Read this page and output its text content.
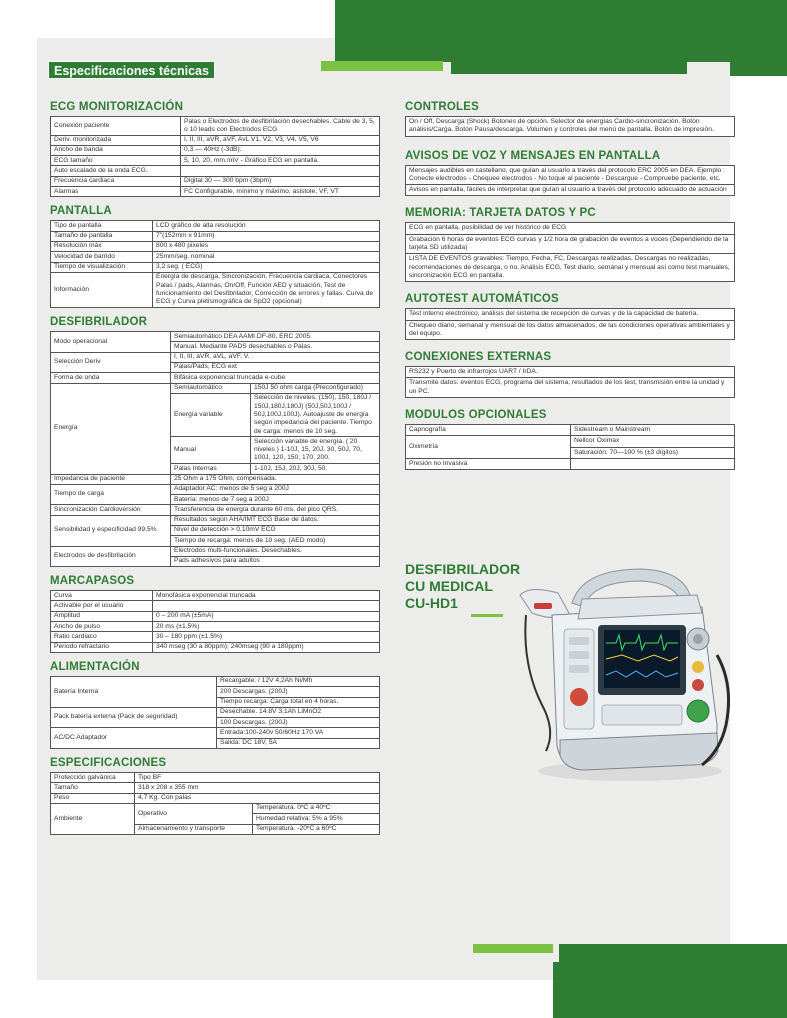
Especificaciones técnicas
ECG MONITORIZACIÓN
Conexión paciente	Palas o Electrodos de desfibrilación desechables. Cable de 3, 5, o 10 leads con Electrodos ECG
Deriv. monitorizada	I, II, III, aVR, aVF, AvL V1, V2, V3, V4, V5, V6
Ancho de banda	0,3 — 40Hz (-3dB).
ECG tamaño	5, 10, 20, mm./mV - Gráfico ECG en pantalla.
Auto escalado de la onda ECG.	
Frecuencia cardiaca	Digital 30 — 300 bpm (3bpm)
Alarmas	FC Configurable, mínimo y máximo. asistole, VF, VT
PANTALLA
Tipo de pantalla	LCD gráfico de alta resolución
Tamaño de pantalla	7"(152mm x 91mm)
Resolución máx	800 x 480 pixeles
Velocidad de barrido	25mm/seg. nominal
Tiempo de visualización	3,2 seg. ( ECG)
Información	Energía de descarga, Sincronización, Frecuencia cardiaca, Conectores Palas / pads, Alarmas, On/Off, Función AED y situación, Test de funcionamiento del Desfibrilador, Corrección de errores y fallas. Curva de ECG y Curva pletismográfica de SpO2 (opcional)
DESFIBRILADOR
Modo operacional	Semiautomático DEA AAMI DF-80, ERC 2005	
	Manual. Mediante PADS desechables o Palas.	
Selección Deriv	I, II, III, aVR, aVL, aVF, V.	
	Palas/Pads, ECG ext	
Forma de onda	Bifásica exponencial truncada e-cube	
Energía	Semiautomático	150J 50 ohm carga (Preconfigurado)
	Energía variable	Selección de niveles. (150), 150, 180J / 150J,180J,180J) (50J,50J,100J / 50J,100J,100J). Autoajuste de energía según impedancia del paciente. Tiempo de carga: menos de 10 seg.
	Manual	Selección variable de energía. ( 20 niveles ) 1-10J, 15, 20J, 30, 50J, 70, 100J, 120, 150, 170, 200.
	Palas Internas	1-10J, 15J, 20J, 30J, 50.
Impedancia de paciente	25 Ohm a 175 Ohm, compensada.	
Tiempo de carga	Adaptador AC: menos de 5 seg a 200J	
	Batería: menos de 7 seg a 200J	
Sincronización Cardioversión	Transferencia de energía durante 60 ms. del pico QRS.	
Sensibilidad y especificidad 99,5%	Resultados según AHA/IMT ECG Base de datos.	
	Nivel de detección > 0,10mV ECG	
	Tiempo de recarga: menos de 10 seg. (AED modo)	
Electrodos de desfibrilación	Electrodos multi-funcionales. Desechables.	
	Pads adhesivos para adultos	
MARCAPASOS
Curva	Monofásica exponencial truncada
Activable por el usuario	
Amplitud	0 – 200 mA (±5mA)
Ancho de pulso	20 ms (±1.5%)
Ratio cardiaco	30 – 180 ppm (±1.5%)
Periodo refractario	340 mseg (30 a 80ppm); 240mseg (90 a 180ppm)
ALIMENTACIÓN
Batería Interna	Recargable. / 12V 4,2Ah Ni/Mh
	200 Descargas. (200J)
	Tiempo recarga: Carga total en 4 horas.
Pack batería externa (Pack de seguridad)	Desechable. 14.8V 3,1Ah LiMnO2
	100 Descargas. (200J)
AC/DC Adaptador	Entrada:100-240v 50/60Hz 170 VA
	Salida: DC 18V, 5A
ESPECIFICACIONES
Protección galvánica	Tipo BF	
Tamaño	318 x 208 x 355 mm	
Peso	4,7 Kg. Con palas	
Ambiente	Operativo	Temperatura. 0ºC a 40ºC
		Humedad relativa: 5% a 95%
	Almacenamiento y transporte	Temperatura. -20ºC a 60ºC
CONTROLES
On / Off, Descarga (Shock) Botones de opción. Selector de energías Cardio-sincronización. Botón análisis/Carga. Botón Pausa/descarga. Volumen y controles del menú de pantalla. Botón de impresión.
AVISOS DE VOZ Y MENSAJES EN PANTALLA
Mensajes audibles en castellano, que guían al usuario a través del protocolo ERC 2005 en DEA. Ejemplo : Conecte electrodos - Chequee electrodos - No toque al paciente - Descargue - Compruebe paciente, etc.
Avisos en pantalla, fáciles de interpretar que guían al usuario a través del protocolo adecuado de actuación
MEMORIA: TARJETA DATOS Y PC
ECG en pantalla, posibilidad de ver histórico de ECG
Grabación 6 horas de eventos ECG curvas y 1/2 hora de grabación de eventos a voces (Dependiendo de la tarjeta SD utilizada)
LISTA DE EVENTOS gravables: Tiempo, Fecha, FC, Descargas realizadas, Descargas no realizadas, recomendaciones de descarga, o no. Análisis ECG, Test diario, semanal y mensual así como test manuales, sincronización ECG en pantalla.
AUTOTEST AUTOMÁTICOS
Test interno electrónico, análisis del sistema de recepción de curvas y de la capacidad de batería.
Chequeo diario, semanal y mensual de los datos almacenados. de las condiciones operativas ambientales y del equipo.
CONEXIONES EXTERNAS
RS232 y Puerto de infrarrojos UART / IrDA.
Transmite datos: eventos ECG, programa del sistema, resultados de los test, transmisión entre la unidad y un PC.
MODULOS OPCIONALES
Capnografía	Sidestream o Mainstream
Oximetría	Nellcor Oximax
	Saturación: 70—100 % (±3 dígitos)
Presión no Invasiva	
DESFIBRILADOR
CU MEDICAL
CU-HD1
